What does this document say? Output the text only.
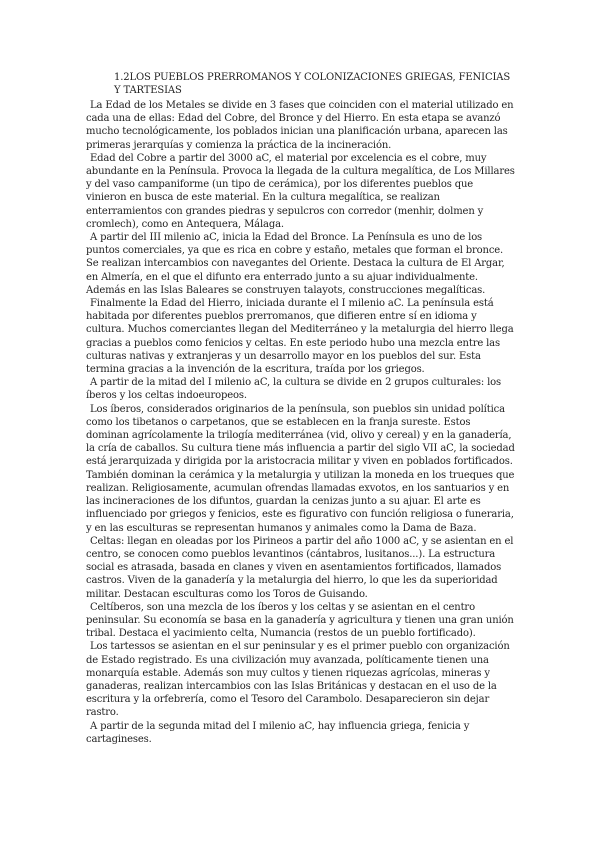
1.2LOS PUEBLOS PRERROMANOS Y COLONIZACIONES GRIEGAS, FENICIAS Y TARTESIAS

La Edad de los Metales se divide en 3 fases que coinciden con el material utilizado en cada una de ellas: Edad del Cobre, del Bronce y del Hierro. En esta etapa se avanzó mucho tecnológicamente, los poblados inician una planificación urbana, aparecen las primeras jerarquías y comienza la práctica de la incineración.

Edad del Cobre a partir del 3000 aC, el material por excelencia es el cobre, muy abundante en la Península. Provoca la llegada de la cultura megalítica, de Los Millares y del vaso campaniforme (un tipo de cerámica), por los diferentes pueblos que vinieron en busca de este material. En la cultura megalítica, se realizan enterramientos con grandes piedras y sepulcros con corredor (menhir, dolmen y cromlech), como en Antequera, Málaga.

A partir del III milenio aC, inicia la Edad del Bronce. La Península es uno de los puntos comerciales, ya que es rica en cobre y estaño, metales que forman el bronce. Se realizan intercambios con navegantes del Oriente. Destaca la cultura de El Argar, en Almería, en el que el difunto era enterrado junto a su ajuar individualmente. Además en las Islas Baleares se construyen talayots, construcciones megalíticas.

Finalmente la Edad del Hierro, iniciada durante el I milenio aC. La península está habitada por diferentes pueblos prerromanos, que difieren entre sí en idioma y cultura. Muchos comerciantes llegan del Mediterráneo y la metalurgia del hierro llega gracias a pueblos como fenicios y celtas. En este periodo hubo una mezcla entre las culturas nativas y extranjeras y un desarrollo mayor en los pueblos del sur. Esta termina gracias a la invención de la escritura, traída por los griegos.

A partir de la mitad del I milenio aC, la cultura se divide en 2 grupos culturales: los íberos y los celtas indoeuropeos.

Los íberos, considerados originarios de la península, son pueblos sin unidad política como los tibetanos o carpetanos, que se establecen en la franja sureste. Estos dominan agrícolamente la trilogía mediterránea (vid, olivo y cereal) y en la ganadería, la cría de caballos. Su cultura tiene más influencia a partir del siglo VII aC, la sociedad está jerarquizada y dirigida por la aristocracia militar y viven en poblados fortificados. También dominan la cerámica y la metalurgia y utilizan la moneda en los trueques que realizan. Religiosamente, acumulan ofrendas llamadas exvotos, en los santuarios y en las incineraciones de los difuntos, guardan la cenizas junto a su ajuar. El arte es influenciado por griegos y fenicios, este es figurativo con función religiosa o funeraria, y en las esculturas se representan humanos y animales como la Dama de Baza.

Celtas: llegan en oleadas por los Pirineos a partir del año 1000 aC, y se asientan en el centro, se conocen como pueblos levantinos (cántabros, lusitanos...). La estructura social es atrasada, basada en clanes y viven en asentamientos fortificados, llamados castros. Viven de la ganadería y la metalurgia del hierro, lo que les da superioridad militar. Destacan esculturas como los Toros de Guisando.

Celtíberos, son una mezcla de los íberos y los celtas y se asientan en el centro peninsular. Su economía se basa en la ganadería y agricultura y tienen una gran unión tribal. Destaca el yacimiento celta, Numancia (restos de un pueblo fortificado).

Los tartessos se asientan en el sur peninsular y es el primer pueblo con organización de Estado registrado. Es una civilización muy avanzada, políticamente tienen una monarquía estable. Además son muy cultos y tienen riquezas agrícolas, mineras y ganaderas, realizan intercambios con las Islas Británicas y destacan en el uso de la escritura y la orfebrería, como el Tesoro del Carambolo. Desaparecieron sin dejar rastro.

A partir de la segunda mitad del I milenio aC, hay influencia griega, fenicia y cartagineses.
